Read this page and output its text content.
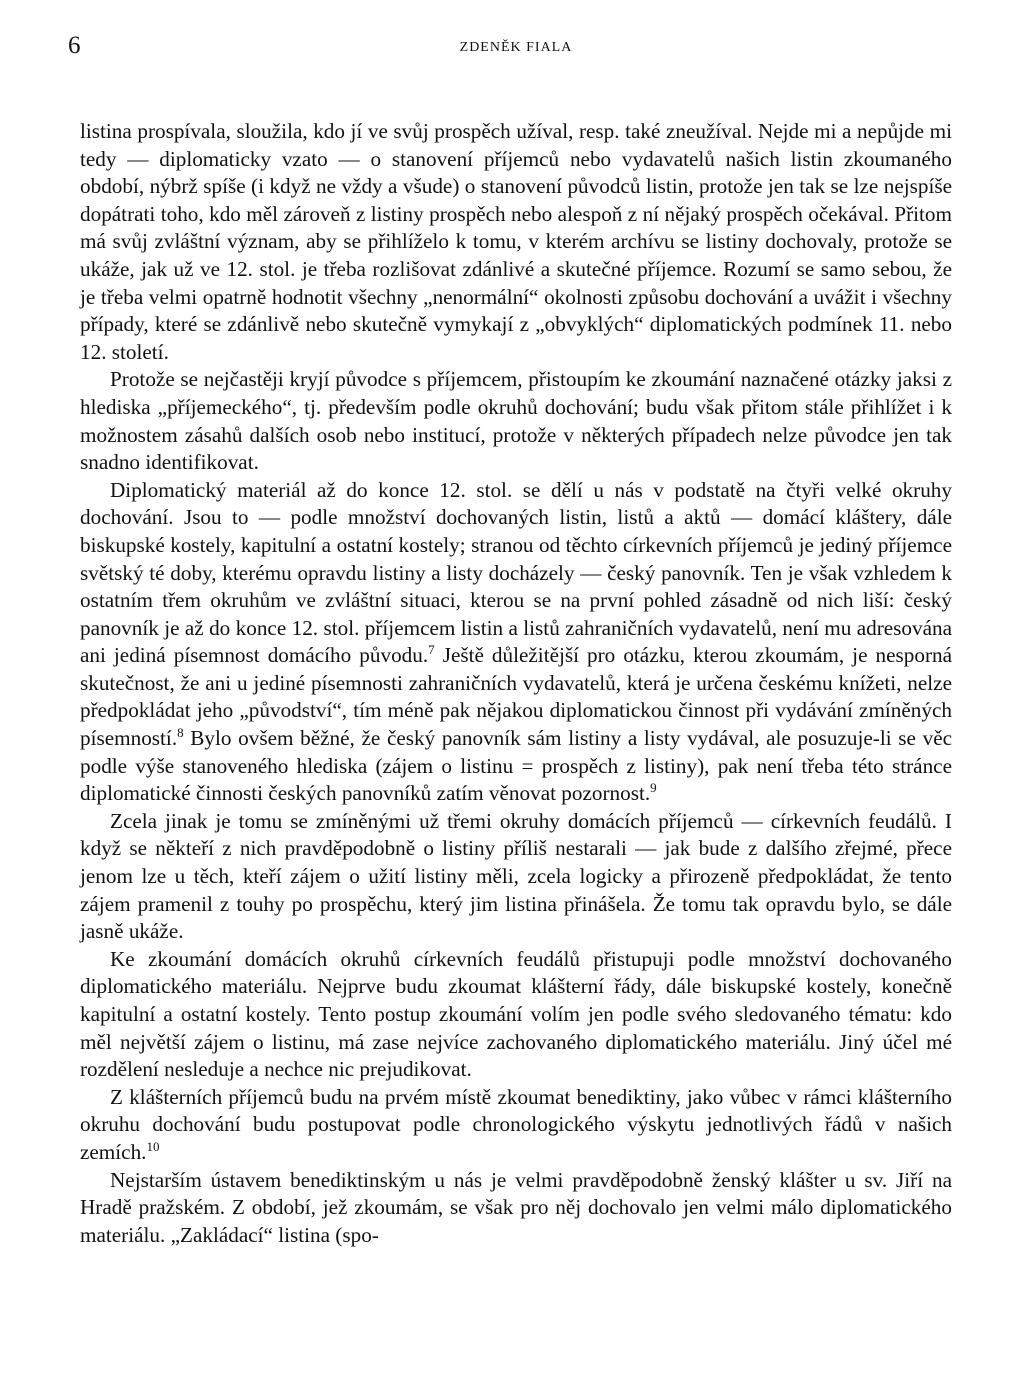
6	ZDENĚK FIALA

listina prospívala, sloužila, kdo jí ve svůj prospěch užíval, resp. také zneužíval. Nejde mi a nepůjde mi tedy — diplomaticky vzato — o stanovení příjemců nebo vydavatelů našich listin zkoumaného období, nýbrž spíše (i když ne vždy a všude) o stanovení původců listin, protože jen tak se lze nejspíše dopátrati toho, kdo měl zároveň z listiny prospěch nebo alespoň z ní nějaký prospěch očekával. Přitom má svůj zvláštní význam, aby se přihlíželo k tomu, v kterém archívu se listiny dochovaly, protože se ukáže, jak už ve 12. stol. je třeba rozlišovat zdánlivé a skutečné příjemce. Rozumí se samo sebou, že je třeba velmi opatrně hodnotit všechny „nenormální“ okolnosti způsobu dochování a uvážit i všechny případy, které se zdánlivě nebo skutečně vymykají z „obvyklých“ diplomatických podmínek 11. nebo 12. století.

Protože se nejčastěji kryjí původce s příjemcem, přistoupím ke zkoumání naznačené otázky jaksi z hlediska „příjemeckého“, tj. především podle okruhů dochování; budu však přitom stále přihlížet i k možnostem zásahů dalších osob nebo institucí, protože v některých případech nelze původce jen tak snadno identifikovat.

Diplomatický materiál až do konce 12. stol. se dělí u nás v podstatě na čtyři velké okruhy dochování. Jsou to — podle množství dochovaných listin, listů a aktů — domácí kláštery, dále biskupské kostely, kapitulní a ostatní kostely; stranou od těchto církevních příjemců je jediný příjemce světský té doby, kterému opravdu listiny a listy docházely — český panovník. Ten je však vzhledem k ostatním třem okruhům ve zvláštní situaci, kterou se na první pohled zásadně od nich liší: český panovník je až do konce 12. stol. příjemcem listin a listů zahraničních vydavatelů, není mu adresována ani jediná písemnost domácího původu.$^7$ Ještě důležitější pro otázku, kterou zkoumám, je nesporná skutečnost, že ani u jediné písemnosti zahraničních vydavatelů, která je určena českému knížeti, nelze předpokládat jeho „původství“, tím méně pak nějakou diplomatickou činnost při vydávání zmíněných písemností.$^8$ Bylo ovšem běžné, že český panovník sám listiny a listy vydával, ale posuzuje-li se věc podle výše stanoveného hlediska (zájem o listinu = prospěch z listiny), pak není třeba této stránce diplomatické činnosti českých panovníků zatím věnovat pozornost.$^9$

Zcela jinak je tomu se zmíněnými už třemi okruhy domácích příjemců — církevních feudálů. I když se někteří z nich pravděpodobně o listiny příliš nestarali — jak bude z dalšího zřejmé, přece jenom lze u těch, kteří zájem o užití listiny měli, zcela logicky a přirozeně předpokládat, že tento zájem pramenil z touhy po prospěchu, který jim listina přinášela. Že tomu tak opravdu bylo, se dále jasně ukáže.

Ke zkoumání domácích okruhů církevních feudálů přistupuji podle množství dochovaného diplomatického materiálu. Nejprve budu zkoumat klášterní řády, dále biskupské kostely, konečně kapitulní a ostatní kostely. Tento postup zkoumání volím jen podle svého sledovaného tématu: kdo měl největší zájem o listinu, má zase nejvíce zachovaného diplomatického materiálu. Jiný účel mé rozdělení nesleduje a nechce nic prejudikovat.

Z klášterních příjemců budu na prvém místě zkoumat benediktiny, jako vůbec v rámci klášterního okruhu dochování budu postupovat podle chronologického výskytu jednotlivých řádů v našich zemích.$^{10}$

Nejstarším ústavem benediktinským u nás je velmi pravděpodobně ženský klášter u sv. Jiří na Hradě pražském. Z období, jež zkoumám, se však pro něj dochovalo jen velmi málo diplomatického materiálu. „Zakládací“ listina (spo-
